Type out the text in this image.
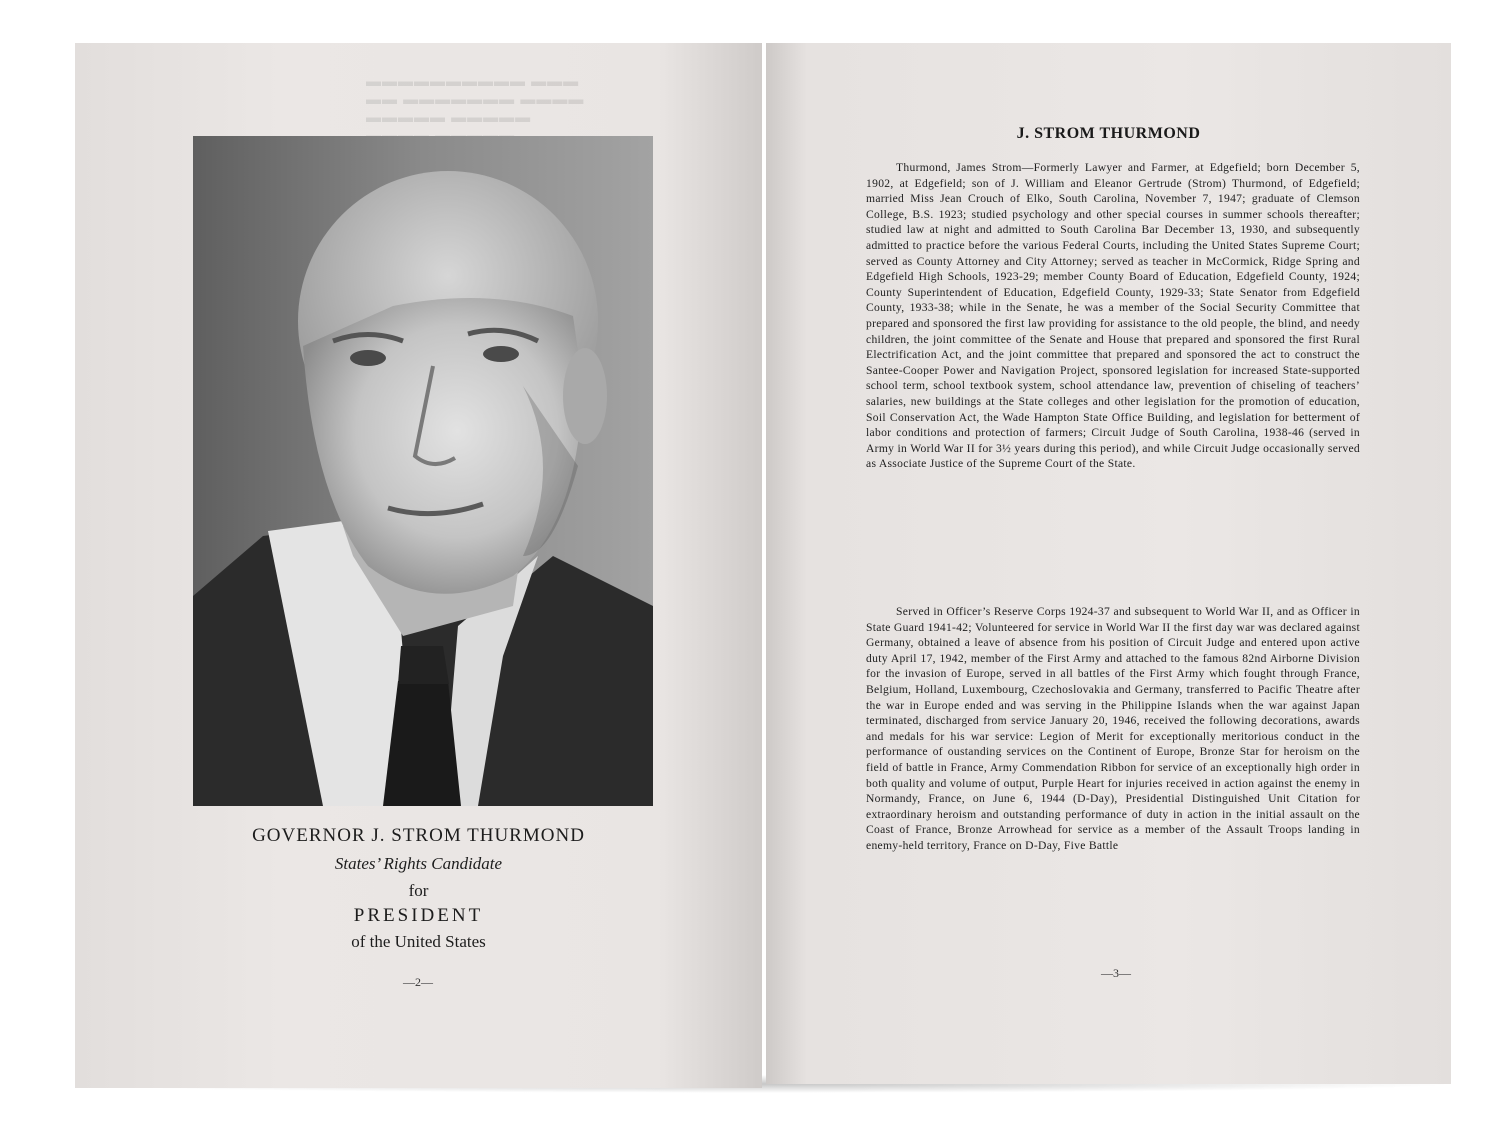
▬▬▬ ▬▬▬▬▬▬▬▬▬▬
▬▬▬▬ ▬▬▬▬▬▬▬ ▬▬
▬▬▬▬▬ ▬▬▬▬▬

GOVERNOR J. STROM THURMOND
States’ Rights Candidate
for
PRESIDENT
of the United States
—2—
J. STROM THURMOND

Thurmond, James Strom—Formerly Lawyer and Farmer, at Edgefield; born December 5, 1902, at Edgefield; son of J. William and Eleanor Gertrude (Strom) Thurmond, of Edgefield; married Miss Jean Crouch of Elko, South Carolina, November 7, 1947; graduate of Clemson College, B.S. 1923; studied psychology and other special courses in summer schools thereafter; studied law at night and admitted to South Carolina Bar December 13, 1930, and subsequently admitted to practice before the various Federal Courts, including the United States Supreme Court; served as County Attorney and City Attorney; served as teacher in McCormick, Ridge Spring and Edgefield High Schools, 1923-29; member County Board of Education, Edgefield County, 1924; County Superintendent of Education, Edgefield County, 1929-33; State Senator from Edgefield County, 1933-38; while in the Senate, he was a member of the Social Security Committee that prepared and sponsored the first law providing for assistance to the old people, the blind, and needy children, the joint committee of the Senate and House that prepared and sponsored the first Rural Electrification Act, and the joint committee that prepared and sponsored the act to construct the Santee-Cooper Power and Navigation Project, sponsored legislation for increased State-supported school term, school textbook system, school attendance law, prevention of chiseling of teachers’ salaries, new buildings at the State colleges and other legislation for the promotion of education, Soil Conservation Act, the Wade Hampton State Office Building, and legislation for betterment of labor conditions and protection of farmers; Circuit Judge of South Carolina, 1938-46 (served in Army in World War II for 3½ years during this period), and while Circuit Judge occasionally served as Associate Justice of the Supreme Court of the State.

Served in Officer’s Reserve Corps 1924-37 and subsequent to World War II, and as Officer in State Guard 1941-42; Volunteered for service in World War II the first day war was declared against Germany, obtained a leave of absence from his position of Circuit Judge and entered upon active duty April 17, 1942, member of the First Army and attached to the famous 82nd Airborne Division for the invasion of Europe, served in all battles of the First Army which fought through France, Belgium, Holland, Luxembourg, Czechoslovakia and Germany, transferred to Pacific Theatre after the war in Europe ended and was serving in the Philippine Islands when the war against Japan terminated, discharged from service January 20, 1946, received the following decorations, awards and medals for his war service: Legion of Merit for exceptionally meritorious conduct in the performance of oustanding services on the Continent of Europe, Bronze Star for heroism on the field of battle in France, Army Commendation Ribbon for service of an exceptionally high order in both quality and volume of output, Purple Heart for injuries received in action against the enemy in Normandy, France, on June 6, 1944 (D-Day), Presidential Distinguished Unit Citation for extraordinary heroism and outstanding performance of duty in action in the initial assault on the Coast of France, Bronze Arrowhead for service as a member of the Assault Troops landing in enemy-held territory, France on D-Day, Five Battle

—3—
